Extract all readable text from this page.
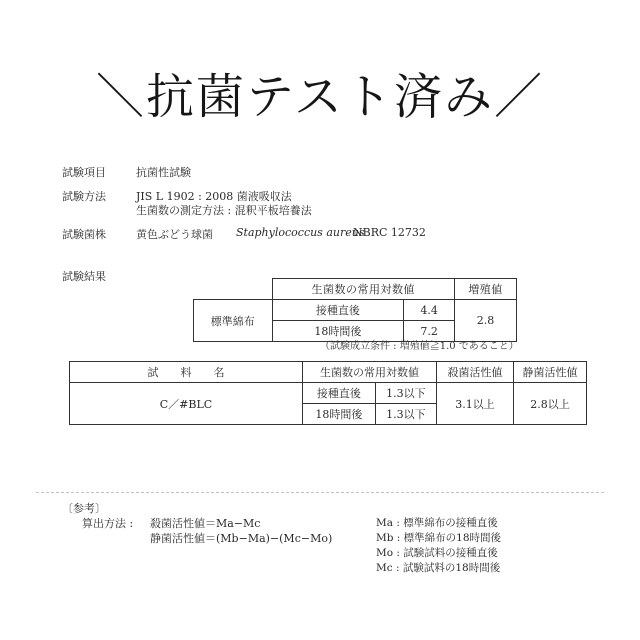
＼抗菌テスト済み／
試験項目	抗菌性試験
試験方法	JIS L 1902 : 2008 菌液吸収法
生菌数の測定方法 : 混釈平板培養法
試験菌株	黄色ぶどう球菌 Staphylococcus aureus
NBRC 12732
試験結果
	生菌数の常用対数値		増殖値
標準綿布	接種直後	4.4	2.8
	18時間後	7.2	
（試験成立条件 : 増殖値≧1.0 であること）
試　　料　　名	生菌数の常用対数値		殺菌活性値	静菌活性値
C／#BLC	接種直後	1.3以下	3.1以上	2.8以上
	18時間後	1.3以下		
〔参考〕
算出方法 : 殺菌活性値＝Ma−Mc
静菌活性値＝(Mb−Ma)−(Mc−Mo)
Ma : 標準綿布の接種直後
Mb : 標準綿布の18時間後
Mo : 試験試料の接種直後
Mc : 試験試料の18時間後
